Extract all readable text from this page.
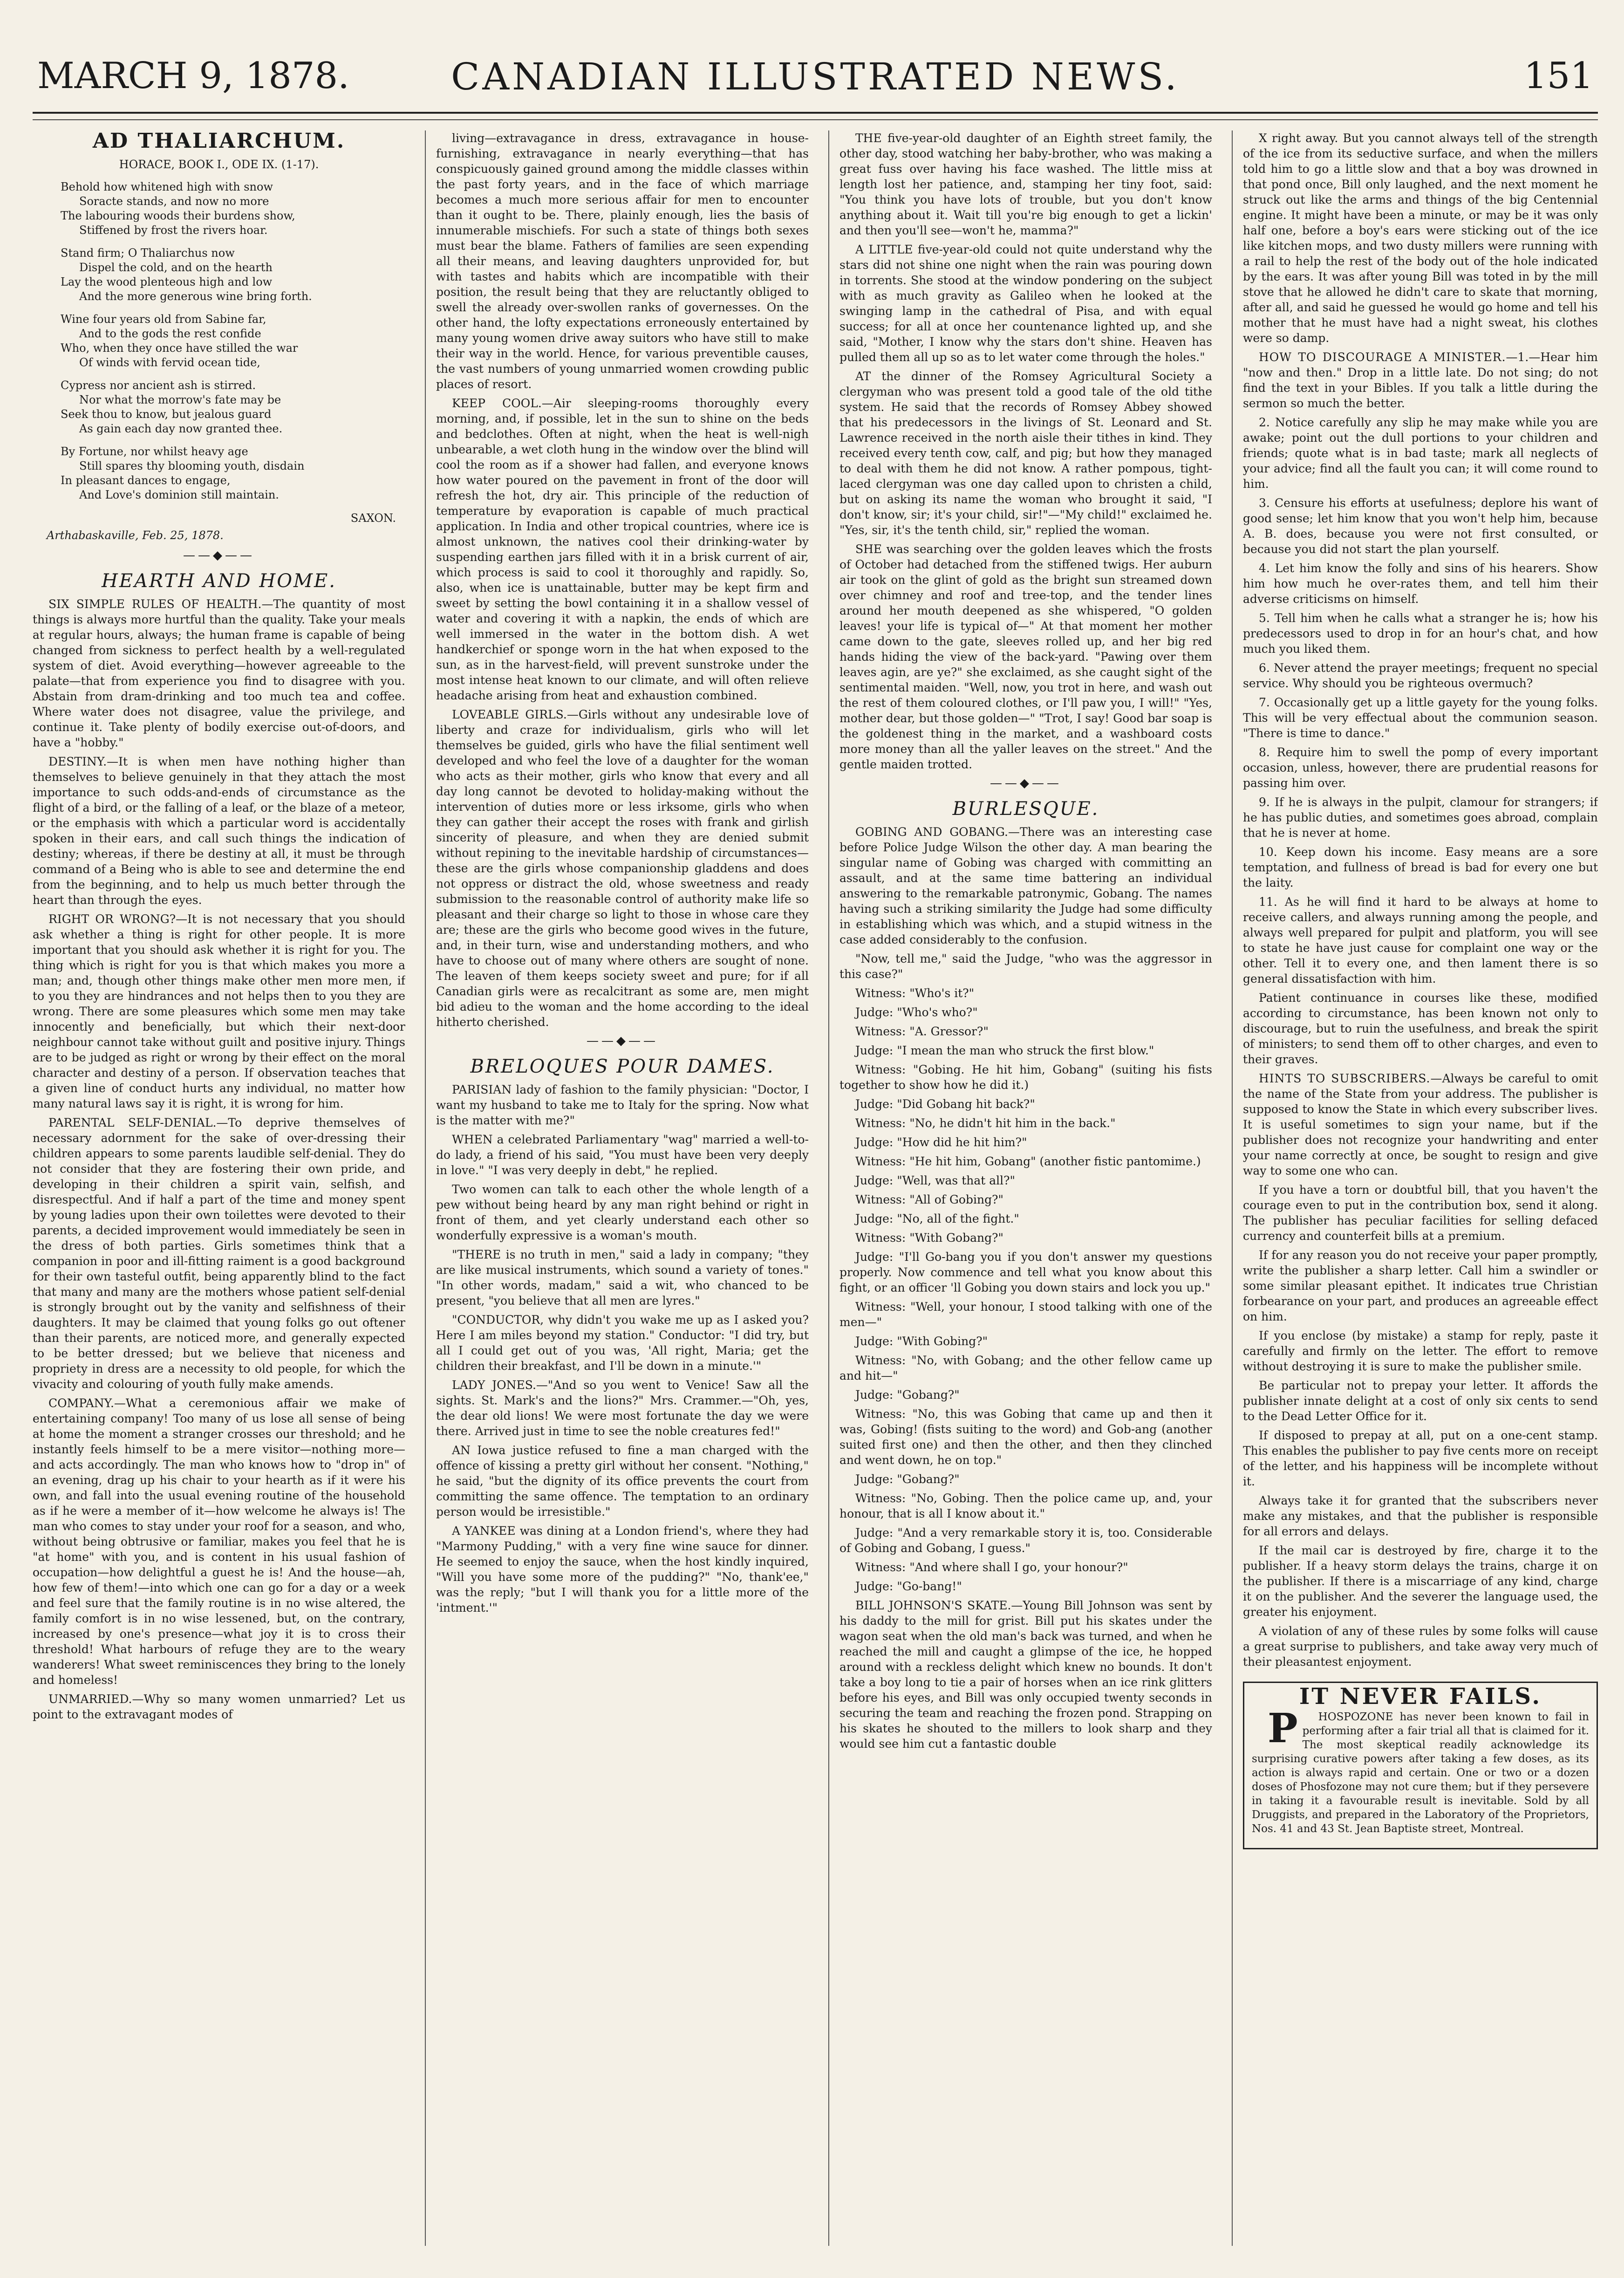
MARCH 9, 1878.	CANADIAN ILLUSTRATED NEWS.	151
AD THALIARCHUM.
HORACE, BOOK I., ODE IX. (1-17).
Behold how whitened high with snow
Soracte stands, and now no more
The labouring woods their burdens show,
Stiffened by frost the rivers hoar.
Stand firm; O Thaliarchus now
Dispel the cold, and on the hearth
Lay the wood plenteous high and low
And the more generous wine bring forth.
Wine four years old from Sabine far,
And to the gods the rest confide
Who, when they once have stilled the war
Of winds with fervid ocean tide,
Cypress nor ancient ash is stirred.
Nor what the morrow's fate may be
Seek thou to know, but jealous guard
As gain each day now granted thee.
By Fortune, nor whilst heavy age
Still spares thy blooming youth, disdain
In pleasant dances to engage,
And Love's dominion still maintain.
SAXON.
Arthabaskaville, Feb. 25, 1878.
——◆——
HEARTH AND HOME.

SIX SIMPLE RULES OF HEALTH.—The quantity of most things is always more hurtful than the quality. Take your meals at regular hours, always; the human frame is capable of being changed from sickness to perfect health by a well-regulated system of diet. Avoid everything—however agreeable to the palate—that from experience you find to disagree with you. Abstain from dram-drinking and too much tea and coffee. Where water does not disagree, value the privilege, and continue it. Take plenty of bodily exercise out-of-doors, and have a "hobby."

DESTINY.—It is when men have nothing higher than themselves to believe genuinely in that they attach the most importance to such odds-and-ends of circumstance as the flight of a bird, or the falling of a leaf, or the blaze of a meteor, or the emphasis with which a particular word is accidentally spoken in their ears, and call such things the indication of destiny; whereas, if there be destiny at all, it must be through command of a Being who is able to see and determine the end from the beginning, and to help us much better through the heart than through the eyes.

RIGHT OR WRONG?—It is not necessary that you should ask whether a thing is right for other people. It is more important that you should ask whether it is right for you. The thing which is right for you is that which makes you more a man; and, though other things make other men more men, if to you they are hindrances and not helps then to you they are wrong. There are some pleasures which some men may take innocently and beneficially, but which their next-door neighbour cannot take without guilt and positive injury. Things are to be judged as right or wrong by their effect on the moral character and destiny of a person. If observation teaches that a given line of conduct hurts any individual, no matter how many natural laws say it is right, it is wrong for him.

PARENTAL SELF-DENIAL.—To deprive themselves of necessary adornment for the sake of over-dressing their children appears to some parents laudible self-denial. They do not consider that they are fostering their own pride, and developing in their children a spirit vain, selfish, and disrespectful. And if half a part of the time and money spent by young ladies upon their own toilettes were devoted to their parents, a decided improvement would immediately be seen in the dress of both parties. Girls sometimes think that a companion in poor and ill-fitting raiment is a good background for their own tasteful outfit, being apparently blind to the fact that many and many are the mothers whose patient self-denial is strongly brought out by the vanity and selfishness of their daughters. It may be claimed that young folks go out oftener than their parents, are noticed more, and generally expected to be better dressed; but we believe that niceness and propriety in dress are a necessity to old people, for which the vivacity and colouring of youth fully make amends.

COMPANY.—What a ceremonious affair we make of entertaining company! Too many of us lose all sense of being at home the moment a stranger crosses our threshold; and he instantly feels himself to be a mere visitor—nothing more—and acts accordingly. The man who knows how to "drop in" of an evening, drag up his chair to your hearth as if it were his own, and fall into the usual evening routine of the household as if he were a member of it—how welcome he always is! The man who comes to stay under your roof for a season, and who, without being obtrusive or familiar, makes you feel that he is "at home" with you, and is content in his usual fashion of occupation—how delightful a guest he is! And the house—ah, how few of them!—into which one can go for a day or a week and feel sure that the family routine is in no wise altered, the family comfort is in no wise lessened, but, on the contrary, increased by one's presence—what joy it is to cross their threshold! What harbours of refuge they are to the weary wanderers! What sweet reminiscences they bring to the lonely and homeless!

UNMARRIED.—Why so many women unmarried? Let us point to the extravagant modes of

living—extravagance in dress, extravagance in house-furnishing, extravagance in nearly everything—that has conspicuously gained ground among the middle classes within the past forty years, and in the face of which marriage becomes a much more serious affair for men to encounter than it ought to be. There, plainly enough, lies the basis of innumerable mischiefs. For such a state of things both sexes must bear the blame. Fathers of families are seen expending all their means, and leaving daughters unprovided for, but with tastes and habits which are incompatible with their position, the result being that they are reluctantly obliged to swell the already over-swollen ranks of governesses. On the other hand, the lofty expectations erroneously entertained by many young women drive away suitors who have still to make their way in the world. Hence, for various preventible causes, the vast numbers of young unmarried women crowding public places of resort.

KEEP COOL.—Air sleeping-rooms thoroughly every morning, and, if possible, let in the sun to shine on the beds and bedclothes. Often at night, when the heat is well-nigh unbearable, a wet cloth hung in the window over the blind will cool the room as if a shower had fallen, and everyone knows how water poured on the pavement in front of the door will refresh the hot, dry air. This principle of the reduction of temperature by evaporation is capable of much practical application. In India and other tropical countries, where ice is almost unknown, the natives cool their drinking-water by suspending earthen jars filled with it in a brisk current of air, which process is said to cool it thoroughly and rapidly. So, also, when ice is unattainable, butter may be kept firm and sweet by setting the bowl containing it in a shallow vessel of water and covering it with a napkin, the ends of which are well immersed in the water in the bottom dish. A wet handkerchief or sponge worn in the hat when exposed to the sun, as in the harvest-field, will prevent sunstroke under the most intense heat known to our climate, and will often relieve headache arising from heat and exhaustion combined.

LOVEABLE GIRLS.—Girls without any undesirable love of liberty and craze for individualism, girls who will let themselves be guided, girls who have the filial sentiment well developed and who feel the love of a daughter for the woman who acts as their mother, girls who know that every and all day long cannot be devoted to holiday-making without the intervention of duties more or less irksome, girls who when they can gather their accept the roses with frank and girlish sincerity of pleasure, and when they are denied submit without repining to the inevitable hardship of circumstances—these are the girls whose companionship gladdens and does not oppress or distract the old, whose sweetness and ready submission to the reasonable control of authority make life so pleasant and their charge so light to those in whose care they are; these are the girls who become good wives in the future, and, in their turn, wise and understanding mothers, and who have to choose out of many where others are sought of none. The leaven of them keeps society sweet and pure; for if all Canadian girls were as recalcitrant as some are, men might bid adieu to the woman and the home according to the ideal hitherto cherished.

——◆——
BRELOQUES POUR DAMES.

PARISIAN lady of fashion to the family physician: "Doctor, I want my husband to take me to Italy for the spring. Now what is the matter with me?"

WHEN a celebrated Parliamentary "wag" married a well-to-do lady, a friend of his said, "You must have been very deeply in love." "I was very deeply in debt," he replied.

Two women can talk to each other the whole length of a pew without being heard by any man right behind or right in front of them, and yet clearly understand each other so wonderfully expressive is a woman's mouth.

"THERE is no truth in men," said a lady in company; "they are like musical instruments, which sound a variety of tones." "In other words, madam," said a wit, who chanced to be present, "you believe that all men are lyres."

"CONDUCTOR, why didn't you wake me up as I asked you? Here I am miles beyond my station." Conductor: "I did try, but all I could get out of you was, 'All right, Maria; get the children their breakfast, and I'll be down in a minute.'"

LADY JONES.—"And so you went to Venice! Saw all the sights. St. Mark's and the lions?" Mrs. Crammer.—"Oh, yes, the dear old lions! We were most fortunate the day we were there. Arrived just in time to see the noble creatures fed!"

AN Iowa justice refused to fine a man charged with the offence of kissing a pretty girl without her consent. "Nothing," he said, "but the dignity of its office prevents the court from committing the same offence. The temptation to an ordinary person would be irresistible."

A YANKEE was dining at a London friend's, where they had "Marmony Pudding," with a very fine wine sauce for dinner. He seemed to enjoy the sauce, when the host kindly inquired, "Will you have some more of the pudding?" "No, thank'ee," was the reply; "but I will thank you for a little more of the 'intment.'"

THE five-year-old daughter of an Eighth street family, the other day, stood watching her baby-brother, who was making a great fuss over having his face washed. The little miss at length lost her patience, and, stamping her tiny foot, said: "You think you have lots of trouble, but you don't know anything about it. Wait till you're big enough to get a lickin' and then you'll see—won't he, mamma?"

A LITTLE five-year-old could not quite understand why the stars did not shine one night when the rain was pouring down in torrents. She stood at the window pondering on the subject with as much gravity as Galileo when he looked at the swinging lamp in the cathedral of Pisa, and with equal success; for all at once her countenance lighted up, and she said, "Mother, I know why the stars don't shine. Heaven has pulled them all up so as to let water come through the holes."

AT the dinner of the Romsey Agricultural Society a clergyman who was present told a good tale of the old tithe system. He said that the records of Romsey Abbey showed that his predecessors in the livings of St. Leonard and St. Lawrence received in the north aisle their tithes in kind. They received every tenth cow, calf, and pig; but how they managed to deal with them he did not know. A rather pompous, tight-laced clergyman was one day called upon to christen a child, but on asking its name the woman who brought it said, "I don't know, sir; it's your child, sir!"—"My child!" exclaimed he. "Yes, sir, it's the tenth child, sir," replied the woman.

SHE was searching over the golden leaves which the frosts of October had detached from the stiffened twigs. Her auburn air took on the glint of gold as the bright sun streamed down over chimney and roof and tree-top, and the tender lines around her mouth deepened as she whispered, "O golden leaves! your life is typical of—" At that moment her mother came down to the gate, sleeves rolled up, and her big red hands hiding the view of the back-yard. "Pawing over them leaves agin, are ye?" she exclaimed, as she caught sight of the sentimental maiden. "Well, now, you trot in here, and wash out the rest of them coloured clothes, or I'll paw you, I will!" "Yes, mother dear, but those golden—" "Trot, I say! Good bar soap is the goldenest thing in the market, and a washboard costs more money than all the yaller leaves on the street." And the gentle maiden trotted.

——◆——
BURLESQUE.

GOBING AND GOBANG.—There was an interesting case before Police Judge Wilson the other day. A man bearing the singular name of Gobing was charged with committing an assault, and at the same time battering an individual answering to the remarkable patronymic, Gobang. The names having such a striking similarity the Judge had some difficulty in establishing which was which, and a stupid witness in the case added considerably to the confusion.

"Now, tell me," said the Judge, "who was the aggressor in this case?"

Witness: "Who's it?"

Judge: "Who's who?"

Witness: "A. Gressor?"

Judge: "I mean the man who struck the first blow."

Witness: "Gobing. He hit him, Gobang" (suiting his fists together to show how he did it.)

Judge: "Did Gobang hit back?"

Witness: "No, he didn't hit him in the back."

Judge: "How did he hit him?"

Witness: "He hit him, Gobang" (another fistic pantomime.)

Judge: "Well, was that all?"

Witness: "All of Gobing?"

Judge: "No, all of the fight."

Witness: "With Gobang?"

Judge: "I'll Go-bang you if you don't answer my questions properly. Now commence and tell what you know about this fight, or an officer 'll Gobing you down stairs and lock you up."

Witness: "Well, your honour, I stood talking with one of the men—"

Judge: "With Gobing?"

Witness: "No, with Gobang; and the other fellow came up and hit—"

Judge: "Gobang?"

Witness: "No, this was Gobing that came up and then it was, Gobing! (fists suiting to the word) and Gob-ang (another suited first one) and then the other, and then they clinched and went down, he on top."

Judge: "Gobang?"

Witness: "No, Gobing. Then the police came up, and, your honour, that is all I know about it."

Judge: "And a very remarkable story it is, too. Considerable of Gobing and Gobang, I guess."

Witness: "And where shall I go, your honour?"

Judge: "Go-bang!"

BILL JOHNSON'S SKATE.—Young Bill Johnson was sent by his daddy to the mill for grist. Bill put his skates under the wagon seat when the old man's back was turned, and when he reached the mill and caught a glimpse of the ice, he hopped around with a reckless delight which knew no bounds. It don't take a boy long to tie a pair of horses when an ice rink glitters before his eyes, and Bill was only occupied twenty seconds in securing the team and reaching the frozen pond. Strapping on his skates he shouted to the millers to look sharp and they would see him cut a fantastic double

X right away. But you cannot always tell of the strength of the ice from its seductive surface, and when the millers told him to go a little slow and that a boy was drowned in that pond once, Bill only laughed, and the next moment he struck out like the arms and things of the big Centennial engine. It might have been a minute, or may be it was only half one, before a boy's ears were sticking out of the ice like kitchen mops, and two dusty millers were running with a rail to help the rest of the body out of the hole indicated by the ears. It was after young Bill was toted in by the mill stove that he allowed he didn't care to skate that morning, after all, and said he guessed he would go home and tell his mother that he must have had a night sweat, his clothes were so damp.

HOW TO DISCOURAGE A MINISTER.—1.—Hear him "now and then." Drop in a little late. Do not sing; do not find the text in your Bibles. If you talk a little during the sermon so much the better.

2. Notice carefully any slip he may make while you are awake; point out the dull portions to your children and friends; quote what is in bad taste; mark all neglects of your advice; find all the fault you can; it will come round to him.

3. Censure his efforts at usefulness; deplore his want of good sense; let him know that you won't help him, because A. B. does, because you were not first consulted, or because you did not start the plan yourself.

4. Let him know the folly and sins of his hearers. Show him how much he over-rates them, and tell him their adverse criticisms on himself.

5. Tell him when he calls what a stranger he is; how his predecessors used to drop in for an hour's chat, and how much you liked them.

6. Never attend the prayer meetings; frequent no special service. Why should you be righteous overmuch?

7. Occasionally get up a little gayety for the young folks. This will be very effectual about the communion season. "There is time to dance."

8. Require him to swell the pomp of every important occasion, unless, however, there are prudential reasons for passing him over.

9. If he is always in the pulpit, clamour for strangers; if he has public duties, and sometimes goes abroad, complain that he is never at home.

10. Keep down his income. Easy means are a sore temptation, and fullness of bread is bad for every one but the laity.

11. As he will find it hard to be always at home to receive callers, and always running among the people, and always well prepared for pulpit and platform, you will see to state he have just cause for complaint one way or the other. Tell it to every one, and then lament there is so general dissatisfaction with him.

Patient continuance in courses like these, modified according to circumstance, has been known not only to discourage, but to ruin the usefulness, and break the spirit of ministers; to send them off to other charges, and even to their graves.

HINTS TO SUBSCRIBERS.—Always be careful to omit the name of the State from your address. The publisher is supposed to know the State in which every subscriber lives. It is useful sometimes to sign your name, but if the publisher does not recognize your handwriting and enter your name correctly at once, be sought to resign and give way to some one who can.

If you have a torn or doubtful bill, that you haven't the courage even to put in the contribution box, send it along. The publisher has peculiar facilities for selling defaced currency and counterfeit bills at a premium.

If for any reason you do not receive your paper promptly, write the publisher a sharp letter. Call him a swindler or some similar pleasant epithet. It indicates true Christian forbearance on your part, and produces an agreeable effect on him.

If you enclose (by mistake) a stamp for reply, paste it carefully and firmly on the letter. The effort to remove without destroying it is sure to make the publisher smile.

Be particular not to prepay your letter. It affords the publisher innate delight at a cost of only six cents to send to the Dead Letter Office for it.

If disposed to prepay at all, put on a one-cent stamp. This enables the publisher to pay five cents more on receipt of the letter, and his happiness will be incomplete without it.

Always take it for granted that the subscribers never make any mistakes, and that the publisher is responsible for all errors and delays.

If the mail car is destroyed by fire, charge it to the publisher. If a heavy storm delays the trains, charge it on the publisher. If there is a miscarriage of any kind, charge it on the publisher. And the severer the language used, the greater his enjoyment.

A violation of any of these rules by some folks will cause a great surprise to publishers, and take away very much of their pleasantest enjoyment.

IT NEVER FAILS.

P HOSPOZONE has never been known to fail in performing after a fair trial all that is claimed for it. The most skeptical readily acknowledge its surprising curative powers after taking a few doses, as its action is always rapid and certain. One or two or a dozen doses of Phosfozone may not cure them; but if they persevere in taking it a favourable result is inevitable. Sold by all Druggists, and prepared in the Laboratory of the Proprietors, Nos. 41 and 43 St. Jean Baptiste street, Montreal.
